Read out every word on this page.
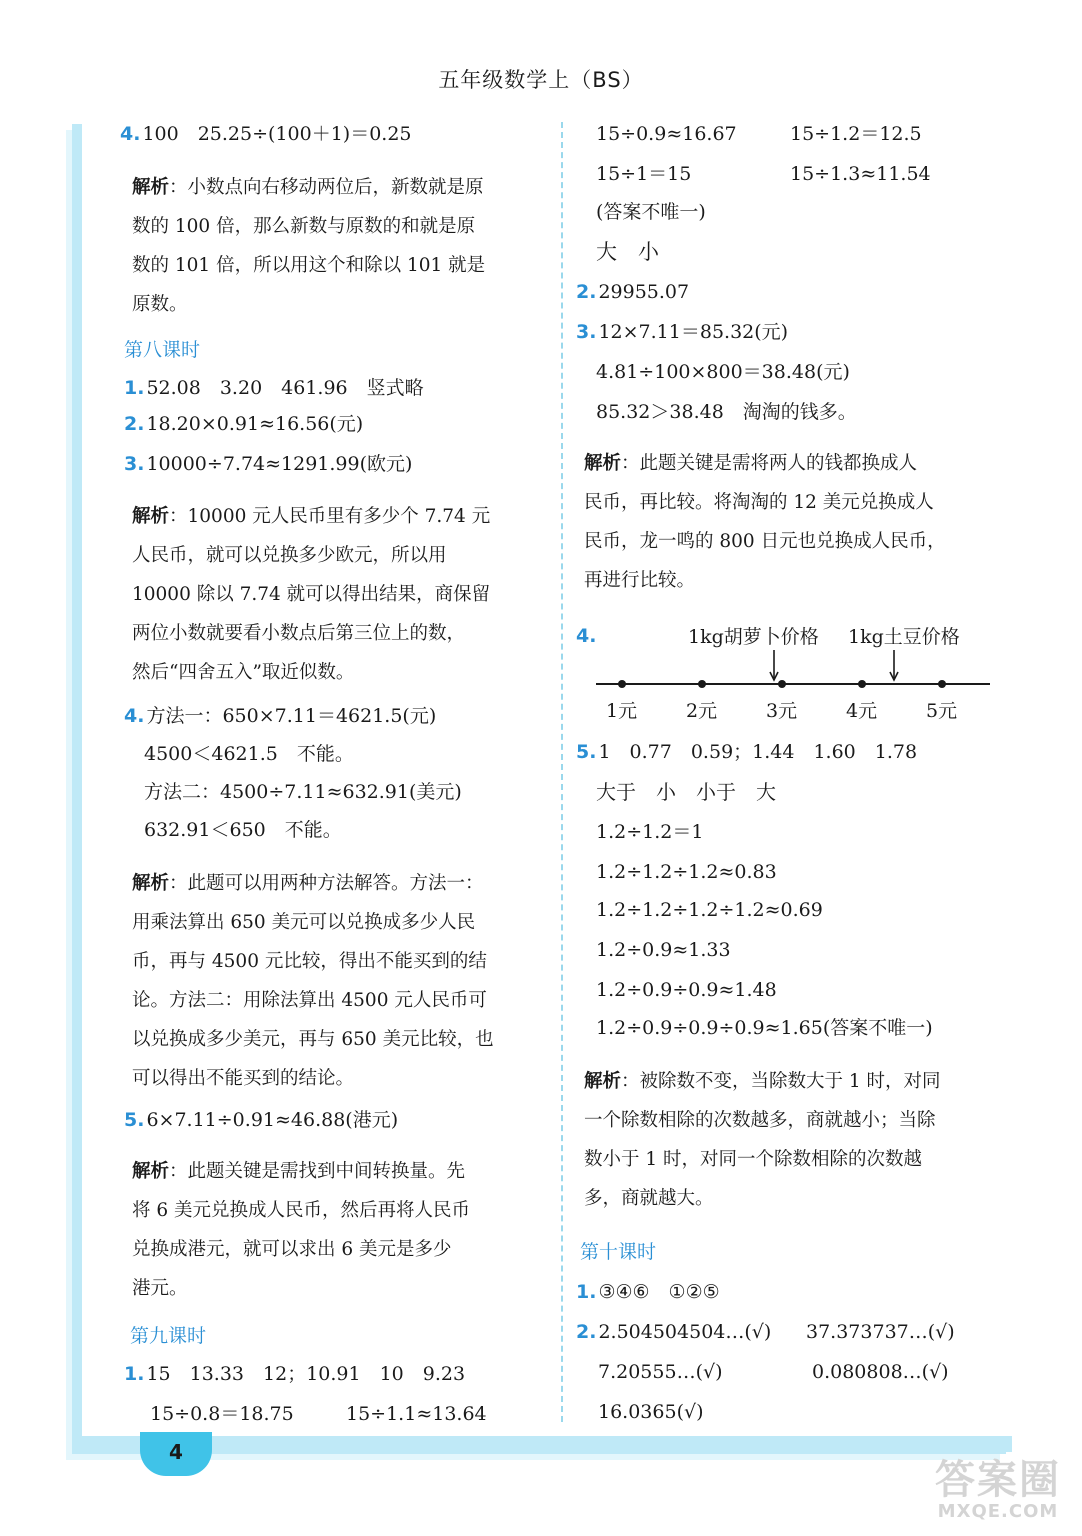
五年级数学上（BS）
4. 100　25.25÷(100＋1)＝0.25
解析：小数点向右移动两位后，新数就是原
数的 100 倍，那么新数与原数的和就是原
数的 101 倍，所以用这个和除以 101 就是
原数。
第八课时
1. 52.08　3.20　461.96　竖式略
2. 18.20×0.91≈16.56(元)
3. 10000÷7.74≈1291.99(欧元)
解析：10000 元人民币里有多少个 7.74 元
人民币，就可以兑换多少欧元，所以用
10000 除以 7.74 就可以得出结果，商保留
两位小数就要看小数点后第三位上的数，
然后“四舍五入”取近似数。
4. 方法一：650×7.11＝4621.5(元)
4500＜4621.5　不能。
方法二：4500÷7.11≈632.91(美元)
632.91＜650　不能。
解析：此题可以用两种方法解答。方法一：
用乘法算出 650 美元可以兑换成多少人民
币，再与 4500 元比较，得出不能买到的结
论。方法二：用除法算出 4500 元人民币可
以兑换成多少美元，再与 650 美元比较，也
可以得出不能买到的结论。
5. 6×7.11÷0.91≈46.88(港元)
解析：此题关键是需找到中间转换量。先
将 6 美元兑换成人民币，然后再将人民币
兑换成港元，就可以求出 6 美元是多少
港元。
第九课时
1. 15　13.33　12；10.91　10　9.23
15÷0.8＝18.75	15÷1.1≈13.64
15÷0.9≈16.67	15÷1.2＝12.5
15÷1＝15	15÷1.3≈11.54
(答案不唯一)
大　小
2. 29955.07
3. 12×7.11＝85.32(元)
4.81÷100×800＝38.48(元)
85.32＞38.48　淘淘的钱多。
解析：此题关键是需将两人的钱都换成人
民币，再比较。将淘淘的 12 美元兑换成人
民币，龙一鸣的 800 日元也兑换成人民币，
再进行比较。
4.	1kg胡萝卜价格 1kg土豆价格
1元	2元	3元	4元	5元
5. 1　0.77　0.59；1.44　1.60　1.78
大于　小　小于　大
1.2÷1.2＝1
1.2÷1.2÷1.2≈0.83
1.2÷1.2÷1.2÷1.2≈0.69
1.2÷0.9≈1.33
1.2÷0.9÷0.9≈1.48
1.2÷0.9÷0.9÷0.9≈1.65(答案不唯一)
解析：被除数不变，当除数大于 1 时，对同
一个除数相除的次数越多，商就越小；当除
数小于 1 时，对同一个除数相除的次数越
多，商就越大。
第十课时
1. ③④⑥　①②⑤
2. 2.504504504…(√) 37.373737…(√)
7.20555…(√)	0.080808…(√)
16.0365(√)
4
答案圈
MXQE.COM
